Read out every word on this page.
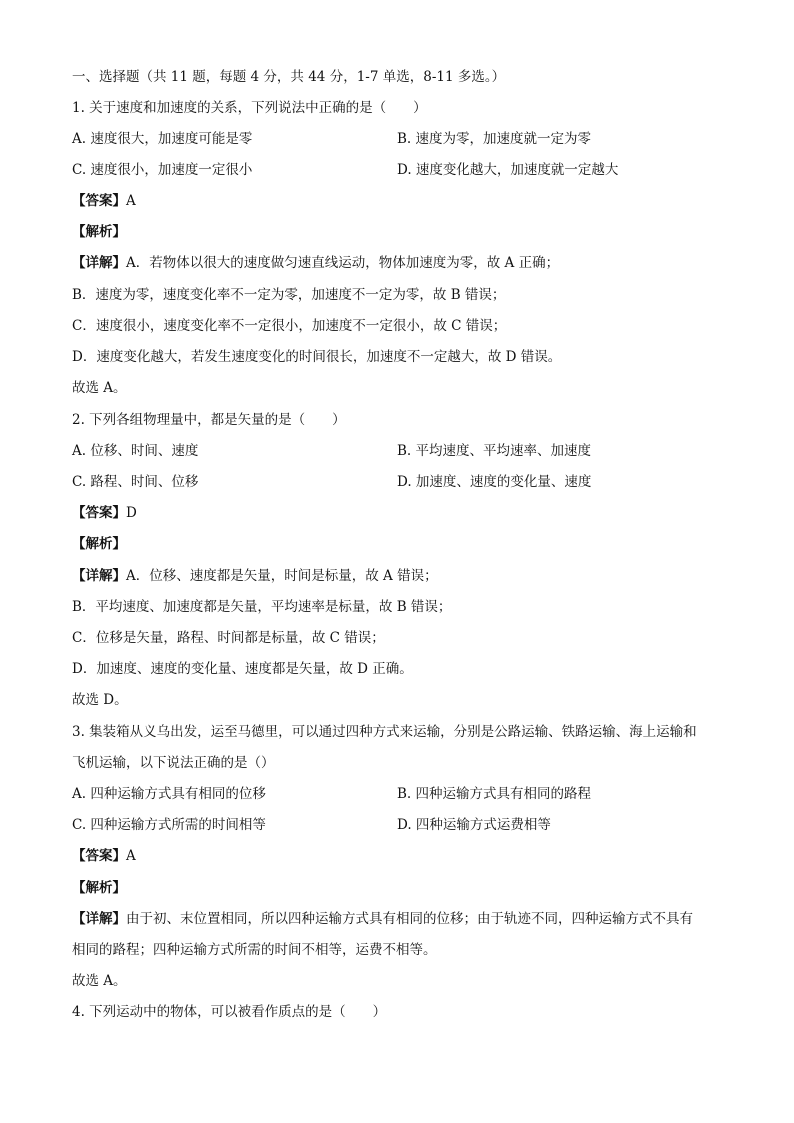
一、选择题（共 11 题，每题 4 分，共 44 分，1-7 单选，8-11 多选。）
1. 关于速度和加速度的关系，下列说法中正确的是（　　）
A. 速度很大，加速度可能是零	B. 速度为零，加速度就一定为零
C. 速度很小，加速度一定很小	D. 速度变化越大，加速度就一定越大
【答案】A
【解析】
【详解】A．若物体以很大的速度做匀速直线运动，物体加速度为零，故 A 正确；
B．速度为零，速度变化率不一定为零，加速度不一定为零，故 B 错误；
C．速度很小，速度变化率不一定很小，加速度不一定很小，故 C 错误；
D．速度变化越大，若发生速度变化的时间很长，加速度不一定越大，故 D 错误。
故选 A。
2. 下列各组物理量中，都是矢量的是（　　）
A. 位移、时间、速度	B. 平均速度、平均速率、加速度
C. 路程、时间、位移	D. 加速度、速度的变化量、速度
【答案】D
【解析】
【详解】A．位移、速度都是矢量，时间是标量，故 A 错误；
B．平均速度、加速度都是矢量，平均速率是标量，故 B 错误；
C．位移是矢量，路程、时间都是标量，故 C 错误；
D．加速度、速度的变化量、速度都是矢量，故 D 正确。
故选 D。
3. 集装箱从义乌出发，运至马德里，可以通过四种方式来运输，分别是公路运输、铁路运输、海上运输和
飞机运输，以下说法正确的是（）
A. 四种运输方式具有相同的位移	B. 四种运输方式具有相同的路程
C. 四种运输方式所需的时间相等	D. 四种运输方式运费相等
【答案】A
【解析】
【详解】由于初、末位置相同，所以四种运输方式具有相同的位移；由于轨迹不同，四种运输方式不具有
相同的路程；四种运输方式所需的时间不相等，运费不相等。
故选 A。
4. 下列运动中的物体，可以被看作质点的是（　　）
